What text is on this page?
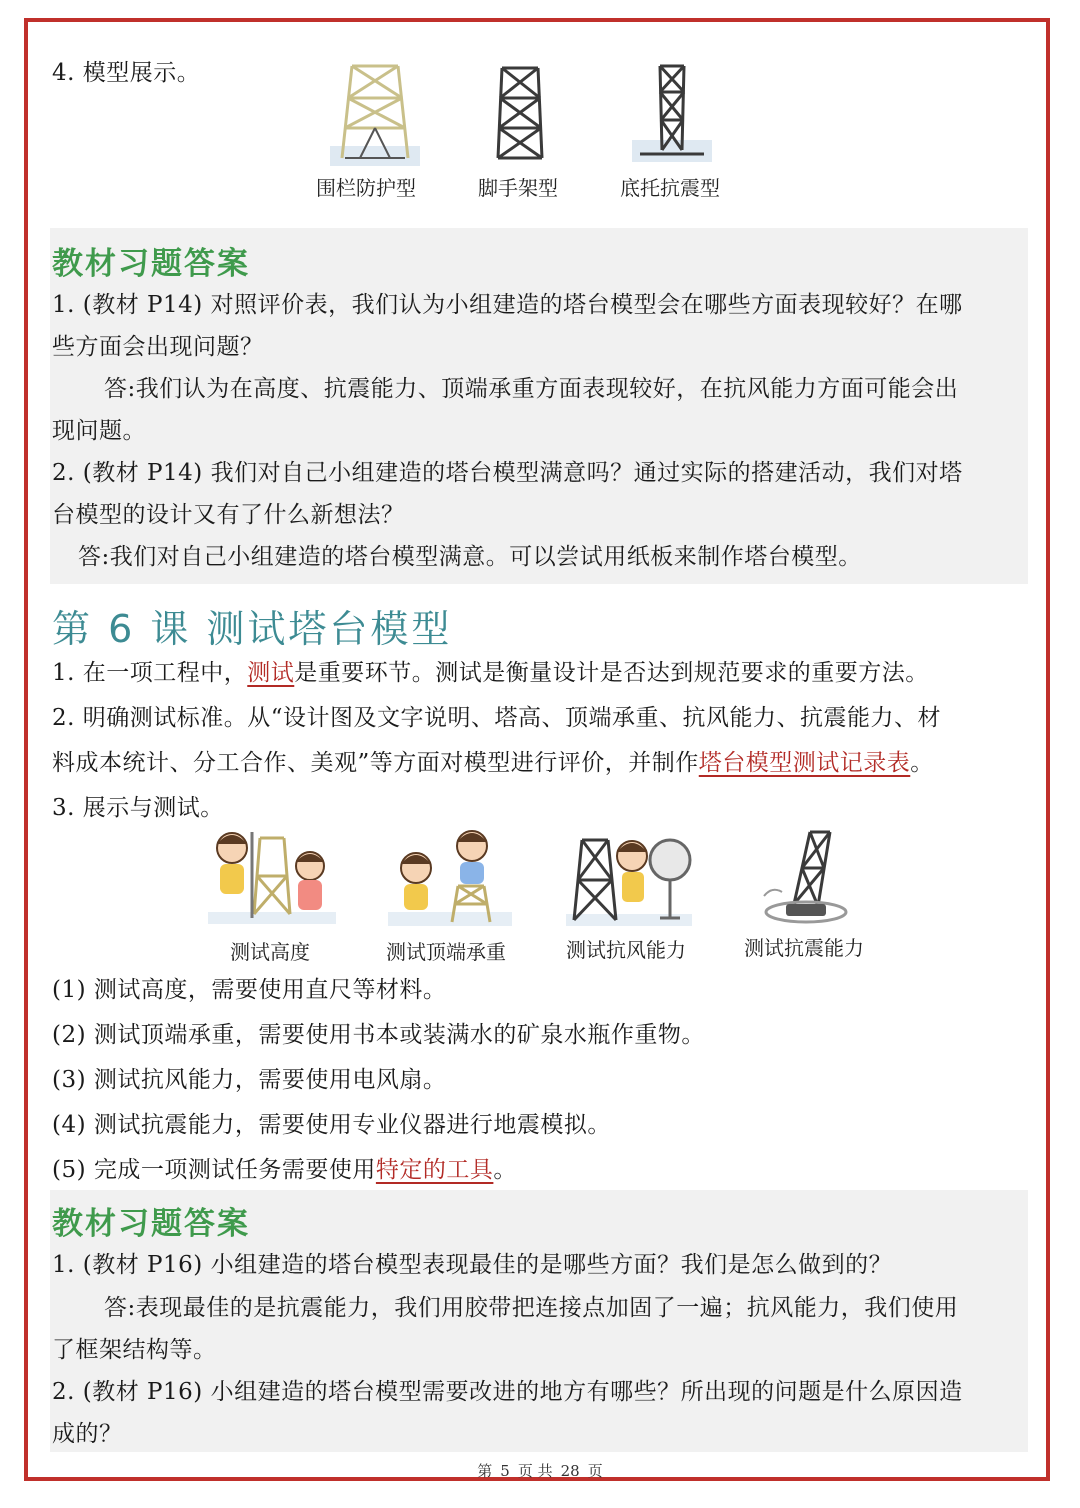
4. 模型展示。
围栏防护型	脚手架型	底托抗震型
教材习题答案
1. (教材 P14) 对照评价表，我们认为小组建造的塔台模型会在哪些方面表现较好？在哪
些方面会出现问题？
答:我们认为在高度、抗震能力、顶端承重方面表现较好，在抗风能力方面可能会出
现问题。
2. (教材 P14) 我们对自己小组建造的塔台模型满意吗？通过实际的搭建活动，我们对塔
台模型的设计又有了什么新想法？
答:我们对自己小组建造的塔台模型满意。可以尝试用纸板来制作塔台模型。
第 6 课 测试塔台模型
1. 在一项工程中，测试是重要环节。测试是衡量设计是否达到规范要求的重要方法。
2. 明确测试标准。从“设计图及文字说明、塔高、顶端承重、抗风能力、抗震能力、材
料成本统计、分工合作、美观”等方面对模型进行评价，并制作塔台模型测试记录表。
3. 展示与测试。
测试高度	测试顶端承重	测试抗风能力	测试抗震能力
(1) 测试高度，需要使用直尺等材料。
(2) 测试顶端承重，需要使用书本或装满水的矿泉水瓶作重物。
(3) 测试抗风能力，需要使用电风扇。
(4) 测试抗震能力，需要使用专业仪器进行地震模拟。
(5) 完成一项测试任务需要使用特定的工具。
教材习题答案
1. (教材 P16) 小组建造的塔台模型表现最佳的是哪些方面？我们是怎么做到的？
答:表现最佳的是抗震能力，我们用胶带把连接点加固了一遍；抗风能力，我们使用
了框架结构等。
2. (教材 P16) 小组建造的塔台模型需要改进的地方有哪些？所出现的问题是什么原因造
成的？
第 5 页 共 28 页
